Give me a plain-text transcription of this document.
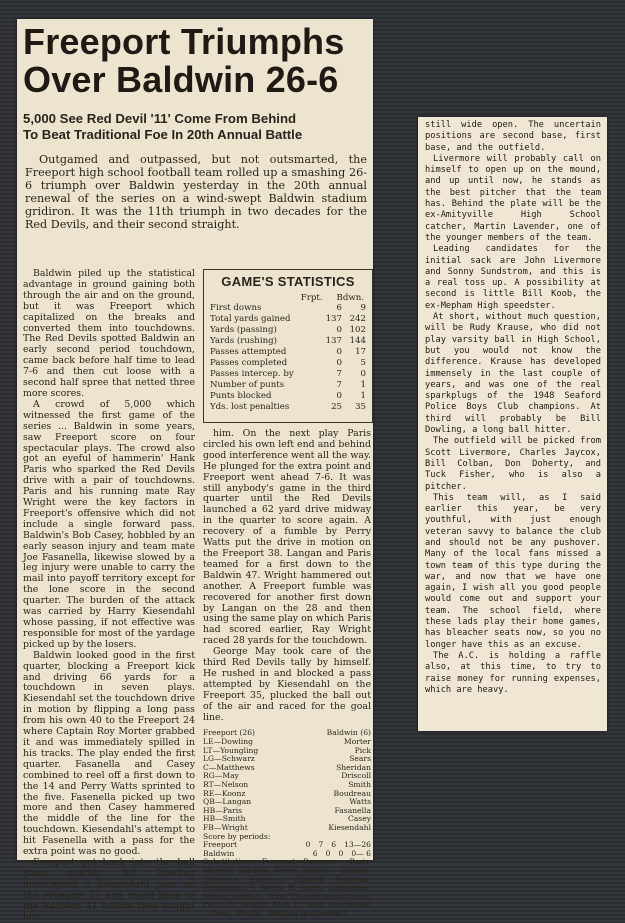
Freeport Triumphs
Over Baldwin 26-6
5,000 See Red Devil '11' Come From Behind
To Beat Traditional Foe In 20th Annual Battle
Outgamed and outpassed, but not outsmarted, the Freeport high school football team rolled up a smashing 26-6 triumph over Baldwin yesterday in the 20th annual renewal of the series on a wind-swept Baldwin stadium gridiron. It was the 11th triumph in two decades for the Red Devils, and their second straight.

Baldwin piled up the statistical advantage in ground gaining both through the air and on the ground, but it was Freeport which capitalized on the breaks and converted them into touchdowns. The Red Devils spotted Baldwin an early second period touchdown, came back before half time to lead 7-6 and then cut loose with a second half spree that netted three more scores.

A crowd of 5,000 which witnessed the first game of the series ... Baldwin in some years, saw Freeport score on four spectacular plays. The crowd also got an eyeful of hammerin' Hank Paris who sparked the Red Devils drive with a pair of touchdowns. Paris and his running mate Ray Wright were the key factors in Freeport's offensive which did not include a single forward pass. Baldwin's Bob Casey, hobbled by an early season injury and team mate Joe Fasanella, likewise slowed by a leg injury were unable to carry the mail into payoff territory except for the lone score in the second quarter. The burden of the attack was carried by Harry Kiesendahl whose passing, if not effective was responsible for most of the yardage picked up by the losers.

Baldwin looked good in the first quarter, blocking a Freeport kick and driving 66 yards for a touchdown in seven plays. Kiesendahl set the touchdown drive in motion by flipping a long pass from his own 40 to the Freeport 24 where Captain Roy Morter grabbed it and was immediately spilled in his tracks. The play ended the first quarter. Fasanella and Casey combined to reel off a first down to the 14 and Perry Watts sprinted to the five. Fasenella picked up two more and then Casey hammered the middle of the line for the touchdown. Kiesendahl's attempt to hit Fasenella with a pass for the extra point was no good.

Freeport got back into the ball game quickly. Bill Dowling intercepted a Kiesendahl pass on the Freeport 37 and raced back to the Baldwin 41 before they caught him.

GAME'S STATISTICS
Frpt. Bdwn.
First downs	6	9
Total yards gained	137 242
Yards (passing)	0 102
Yards (rushing)	137 144
Passes attempted	0	17
Passes completed	0	5
Passes intercep. by	7	0
Number of punts	7	1
Punts blocked	0	1
Yds. lost penalties	25	35

him. On the next play Paris circled his own left end and behind good interference went all the way. He plunged for the extra point and Freeport went ahead 7-6. It was still anybody's game in the third quarter until the Red Devils launched a 62 yard drive midway in the quarter to score again. A recovery of a fumble by Perry Watts put the drive in motion on the Freeport 38. Langan and Paris teamed for a first down to the Baldwin 47. Wright hammered out another. A Freeport fumble was recovered for another first down by Langan on the 28 and then using the same play on which Paris had scored earlier, Ray Wright raced 28 yards for the touchdown.

George May took care of the third Red Devils tally by himself. He rushed in and blocked a pass attempted by Kiesendahl on the Freeport 35, plucked the ball out of the air and raced for the goal line.

Freeport (26)	Baldwin (6)
LE—Dowling	Morter
LT—Youngling	Pick
LG—Schwarz	Sears
C—Matthews	Sheridan
RG—May	Driscoll
RT—Nelson	Smith
RE—Koonz	Boudreau
QB—Langan	Watts
HB—Paris	Fasanella
HB—Smith	Casey
FB—Wright	Kiesendahl
Score by periods:
Freeport	0 7 6 13—26
Baldwin	6 0 0 0— 6
Substitutions—Freeport—Parsons, Paris, Murphy, Sanders, Burns; Baldwin—Bouton, Corcoran, Emerson, Gonnoll, Halloran, Heidimann, J. Jones, R. Jones, Langabeer, Meyer, Raleigh, Rice. Touchdowns—Casey, Paris (2), Wright, May. Pt. after touchdown—Paris, Wright, Dowling (placement).

still wide open. The uncertain positions are second base, first base, and the outfield.

Livermore will probably call on himself to open up on the mound, and up until now, he stands as the best pitcher that the team has. Behind the plate will be the ex-Amityville High School catcher, Martin Lavender, one of the younger members of the team.

Leading candidates for the initial sack are John Livermore and Sonny Sundstrom, and this is a real toss up. A possibility at second is little Bill Koob, the ex-Mepham High speedster.

At short, without much question, will be Rudy Krause, who did not play varsity ball in High School, but you would not know the difference. Krause has developed immensely in the last couple of years, and was one of the real sparkplugs of the 1948 Seaford Police Boys Club champions. At third will probably be Bill Dowling, a long ball hitter.

The outfield will be picked from Scott Livermore, Charles Jaycox, Bill Colban, Don Doherty, and Tuck Fisher, who is also a pitcher.

This team will, as I said earlier this year, be very youthful, with just enough veteran savvy to balance the club and should not be any pushover. Many of the local fans missed a town team of this type during the war, and now that we have one again, I wish all you good people would come out and support your team. The school field, where these lads play their home games, has bleacher seats now, so you no longer have this as an excuse.

The A.C. is holding a raffle also, at this time, to try to raise money for running expenses, which are heavy.
